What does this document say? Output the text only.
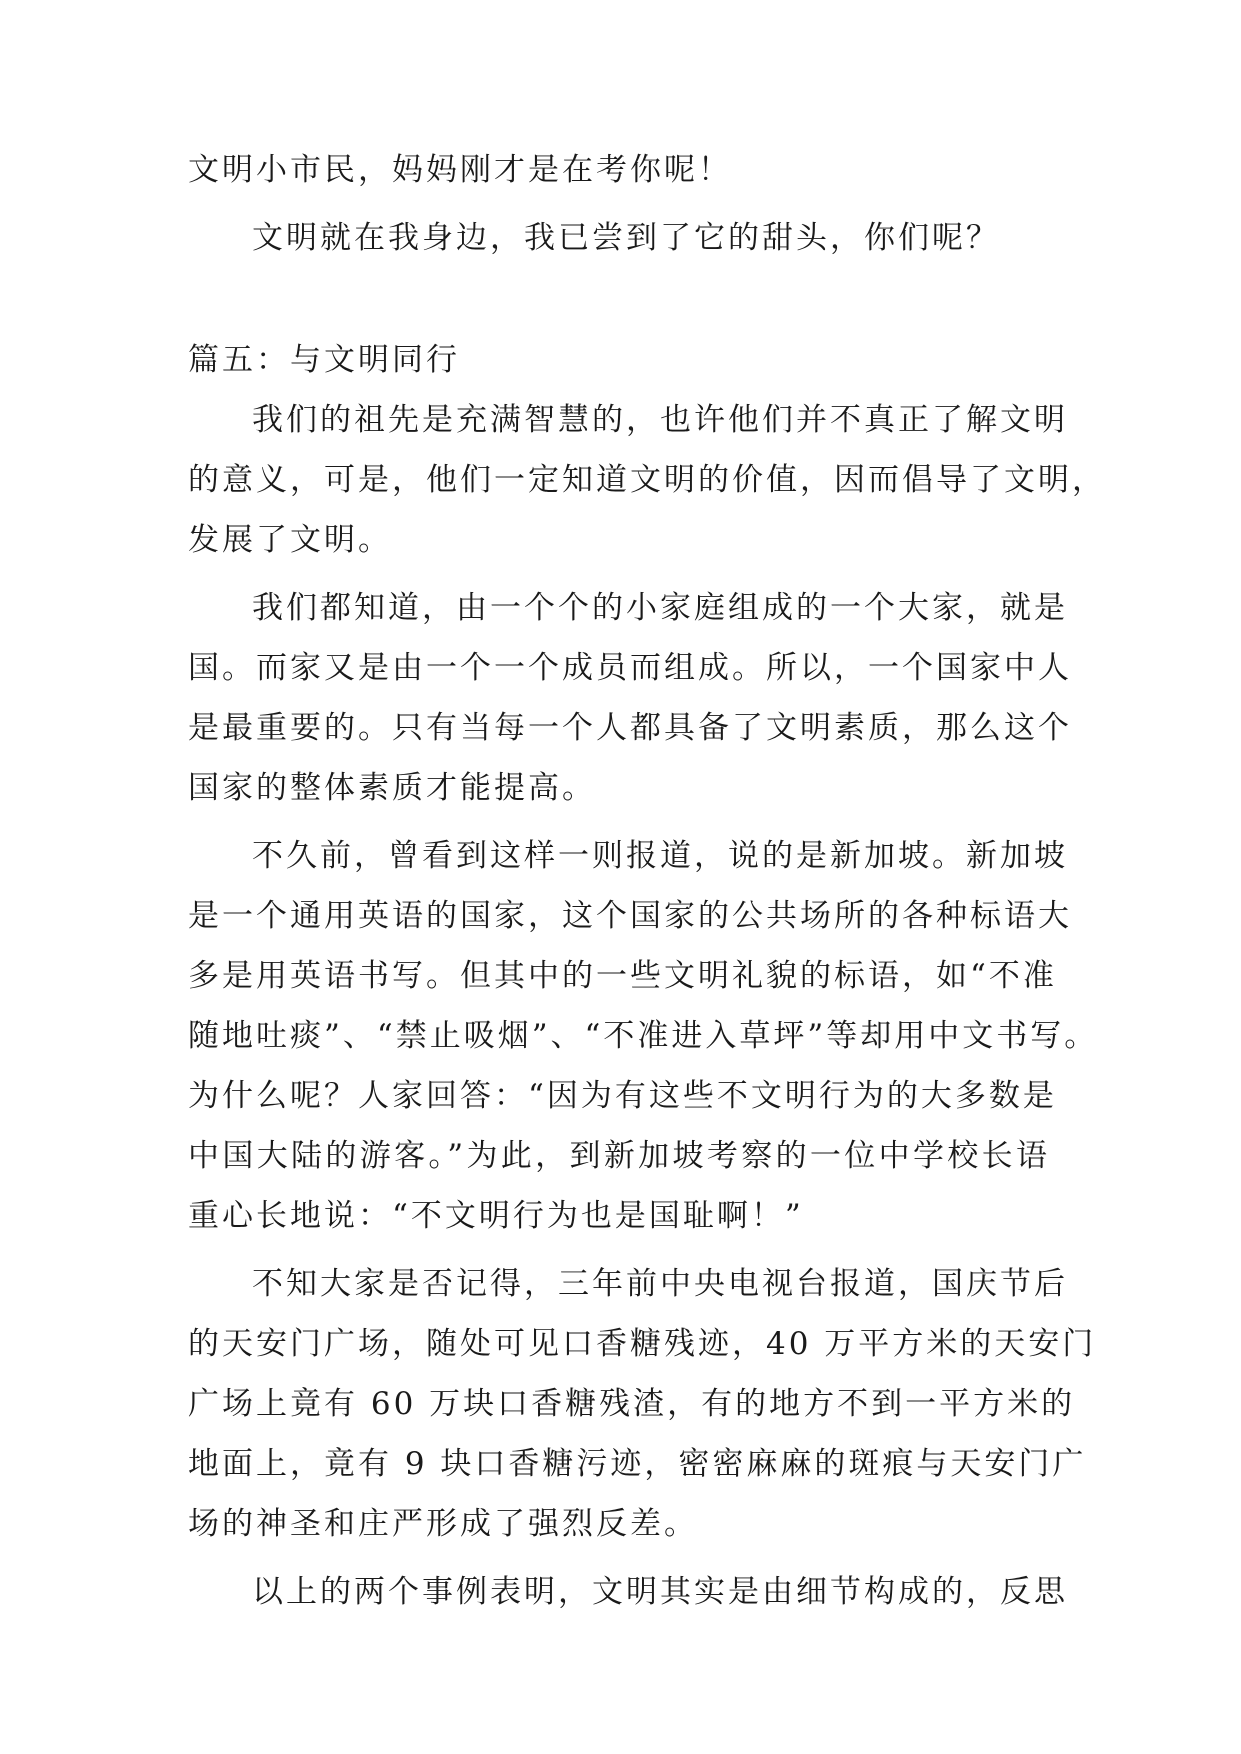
文明小市民，妈妈刚才是在考你呢！
文明就在我身边，我已尝到了它的甜头，你们呢？
篇五：与文明同行
我们的祖先是充满智慧的，也许他们并不真正了解文明
的意义，可是，他们一定知道文明的价值，因而倡导了文明，
发展了文明。
我们都知道，由一个个的小家庭组成的一个大家，就是
国。而家又是由一个一个成员而组成。所以，一个国家中人
是最重要的。只有当每一个人都具备了文明素质，那么这个
国家的整体素质才能提高。
不久前，曾看到这样一则报道，说的是新加坡。新加坡
是一个通用英语的国家，这个国家的公共场所的各种标语大
多是用英语书写。但其中的一些文明礼貌的标语，如“不准
随地吐痰”、“禁止吸烟”、“不准进入草坪”等却用中文书写。
为什么呢？人家回答：“因为有这些不文明行为的大多数是
中国大陆的游客。”为此，到新加坡考察的一位中学校长语
重心长地说：“不文明行为也是国耻啊！”
不知大家是否记得，三年前中央电视台报道，国庆节后
的天安门广场，随处可见口香糖残迹，40 万平方米的天安门
广场上竟有 60 万块口香糖残渣，有的地方不到一平方米的
地面上，竟有 9 块口香糖污迹，密密麻麻的斑痕与天安门广
场的神圣和庄严形成了强烈反差。
以上的两个事例表明，文明其实是由细节构成的，反思
